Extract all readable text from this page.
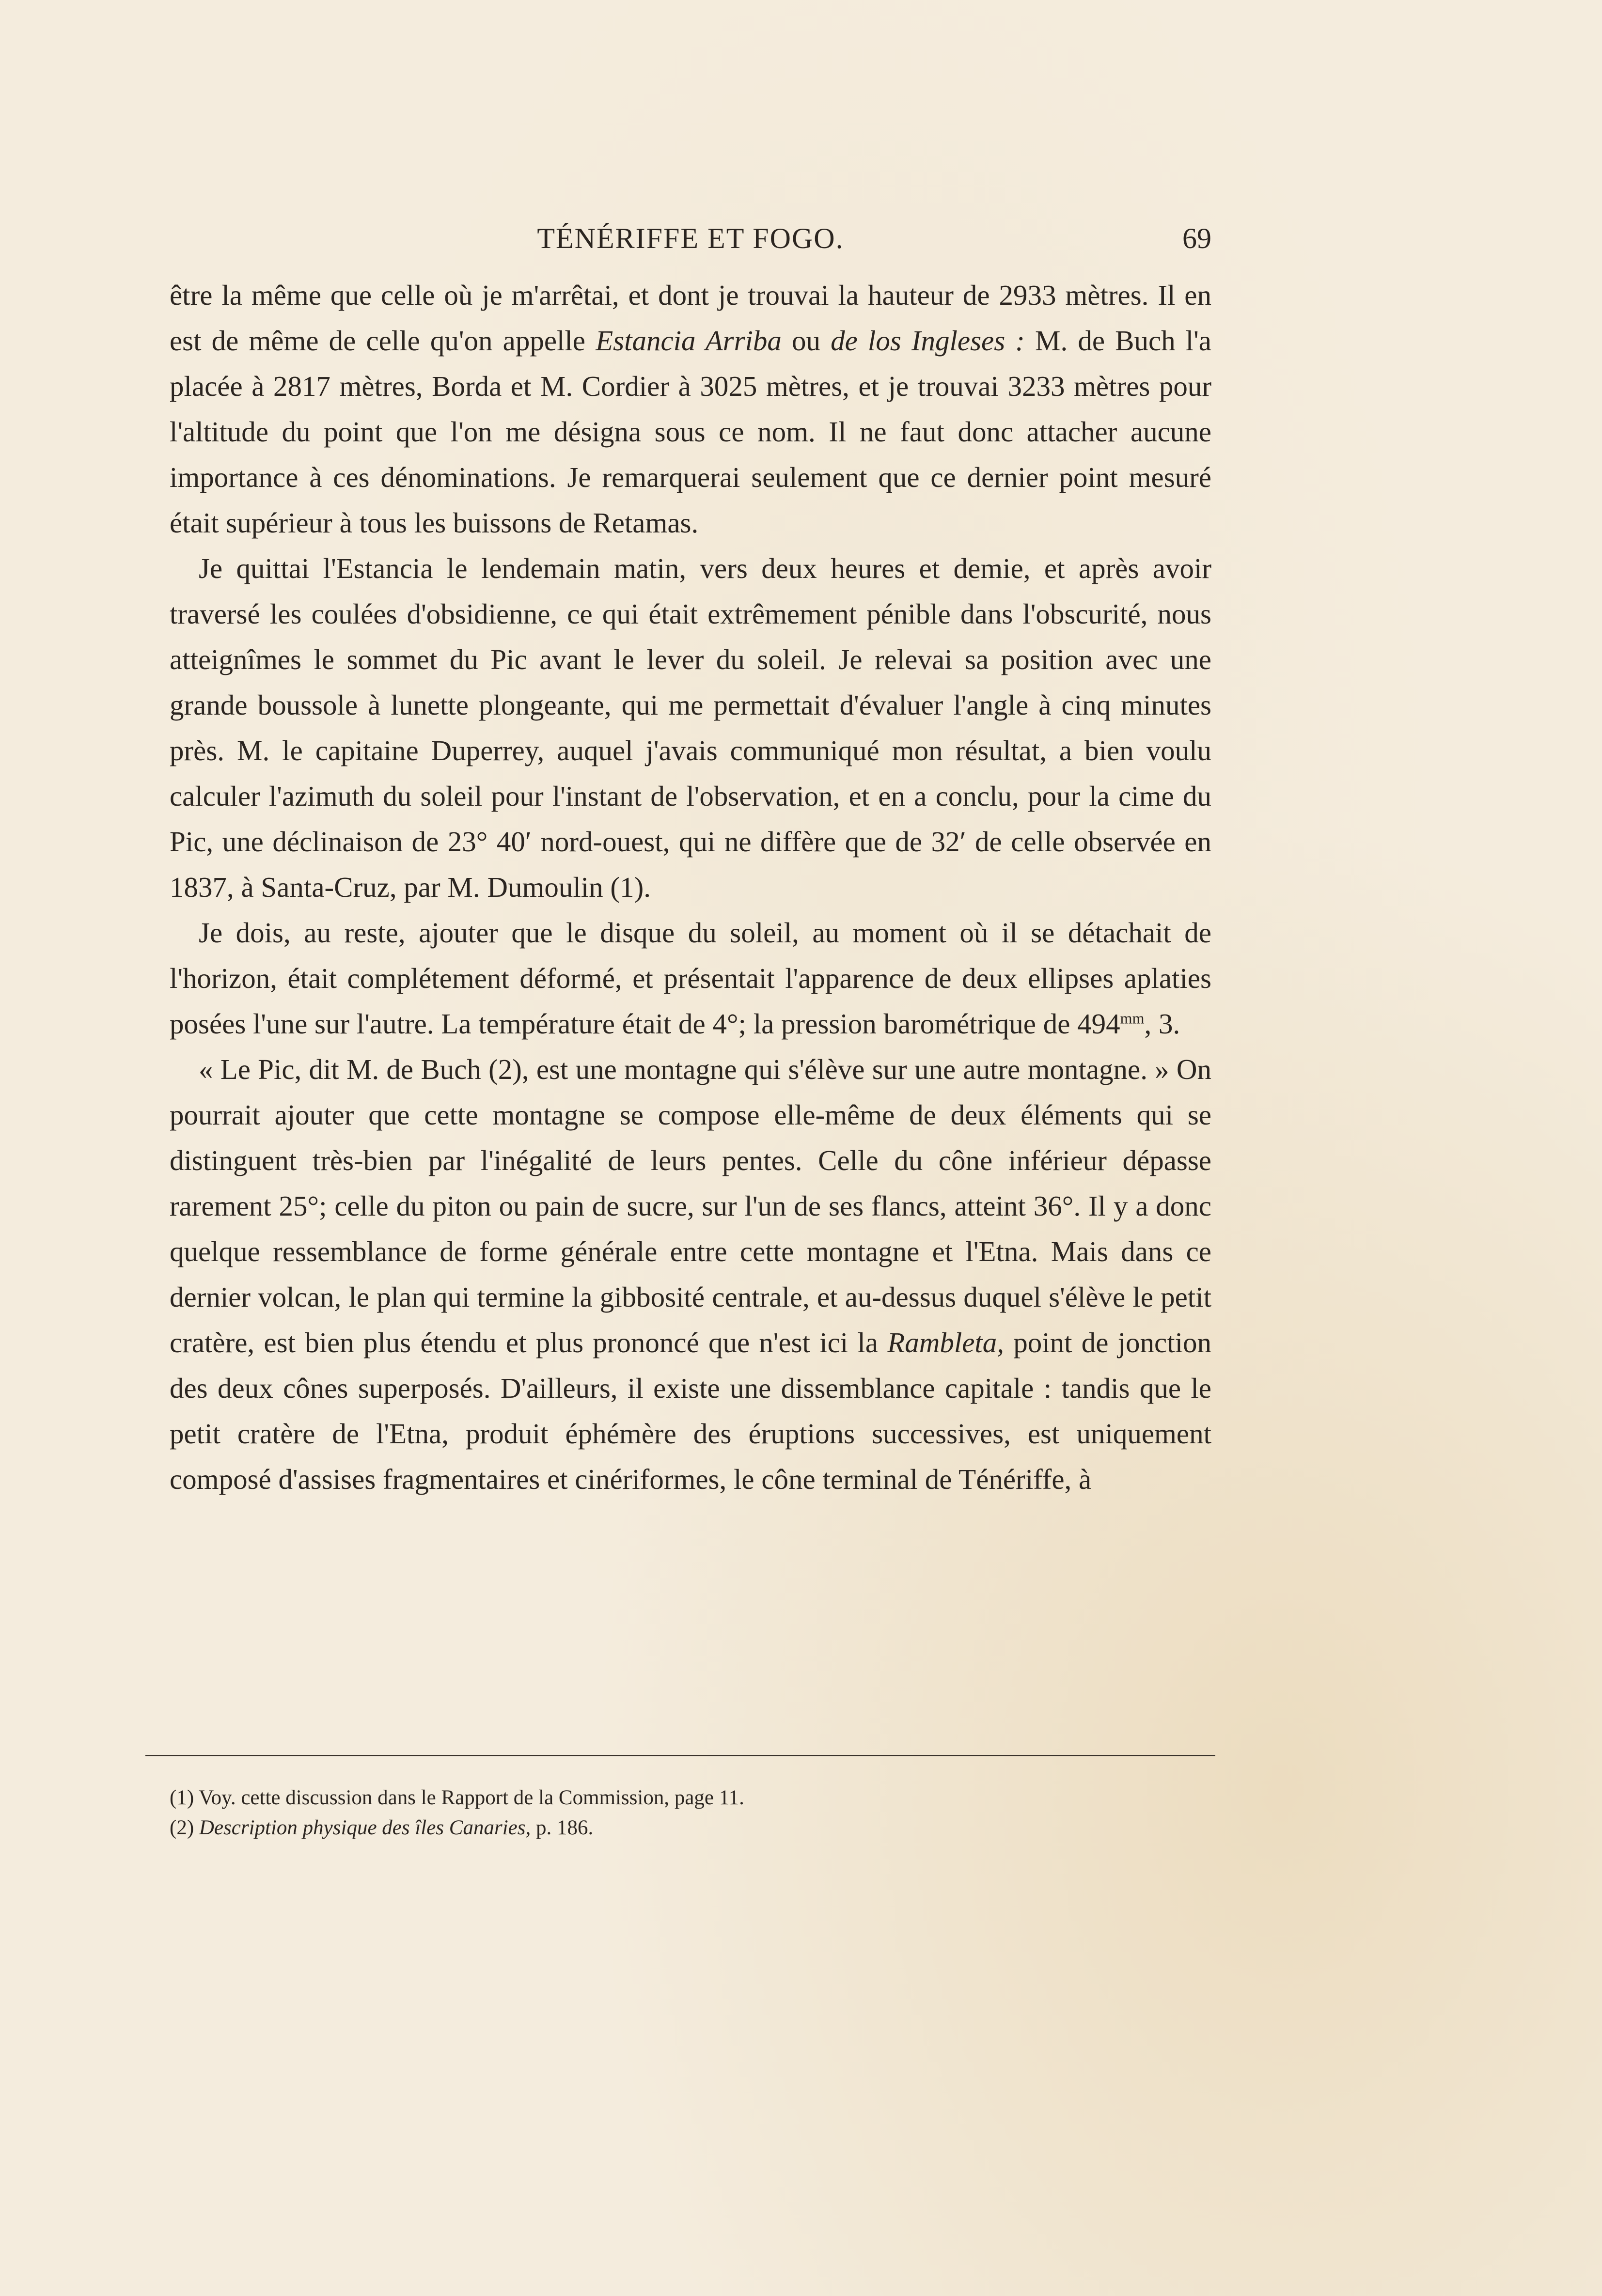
TÉNÉRIFFE ET FOGO.	69

être la même que celle où je m'arrêtai, et dont je trouvai la hauteur de 2933 mètres. Il en est de même de celle qu'on appelle Estancia Arriba ou de los Ingleses : M. de Buch l'a placée à 2817 mètres, Borda et M. Cordier à 3025 mètres, et je trouvai 3233 mètres pour l'altitude du point que l'on me désigna sous ce nom. Il ne faut donc attacher aucune importance à ces dénominations. Je remarquerai seulement que ce dernier point mesuré était supérieur à tous les buissons de Retamas.

Je quittai l'Estancia le lendemain matin, vers deux heures et demie, et après avoir traversé les coulées d'obsidienne, ce qui était extrêmement pénible dans l'obscurité, nous atteignîmes le sommet du Pic avant le lever du soleil. Je relevai sa position avec une grande boussole à lunette plongeante, qui me permettait d'évaluer l'angle à cinq minutes près. M. le capitaine Duperrey, auquel j'avais communiqué mon résultat, a bien voulu calculer l'azimuth du soleil pour l'instant de l'observation, et en a conclu, pour la cime du Pic, une déclinaison de 23° 40′ nord-ouest, qui ne diffère que de 32′ de celle observée en 1837, à Santa-Cruz, par M. Dumoulin (1).

Je dois, au reste, ajouter que le disque du soleil, au moment où il se détachait de l'horizon, était complétement déformé, et présentait l'apparence de deux ellipses aplaties posées l'une sur l'autre. La température était de 4°; la pression barométrique de $494^{mm}$, 3.

« Le Pic, dit M. de Buch (2), est une montagne qui s'élève sur une autre montagne. » On pourrait ajouter que cette montagne se compose elle-même de deux éléments qui se distinguent très-bien par l'inégalité de leurs pentes. Celle du cône inférieur dépasse rarement 25°; celle du piton ou pain de sucre, sur l'un de ses flancs, atteint 36°. Il y a donc quelque ressemblance de forme générale entre cette montagne et l'Etna. Mais dans ce dernier volcan, le plan qui termine la gibbosité centrale, et au-dessus duquel s'élève le petit cratère, est bien plus étendu et plus prononcé que n'est ici la Rambleta, point de jonction des deux cônes superposés. D'ailleurs, il existe une dissemblance capitale : tandis que le petit cratère de l'Etna, produit éphémère des éruptions successives, est uniquement composé d'assises fragmentaires et cinériformes, le cône terminal de Ténériffe, à

(1) Voy. cette discussion dans le Rapport de la Commission, page 11.
(2) Description physique des îles Canaries, p. 186.
